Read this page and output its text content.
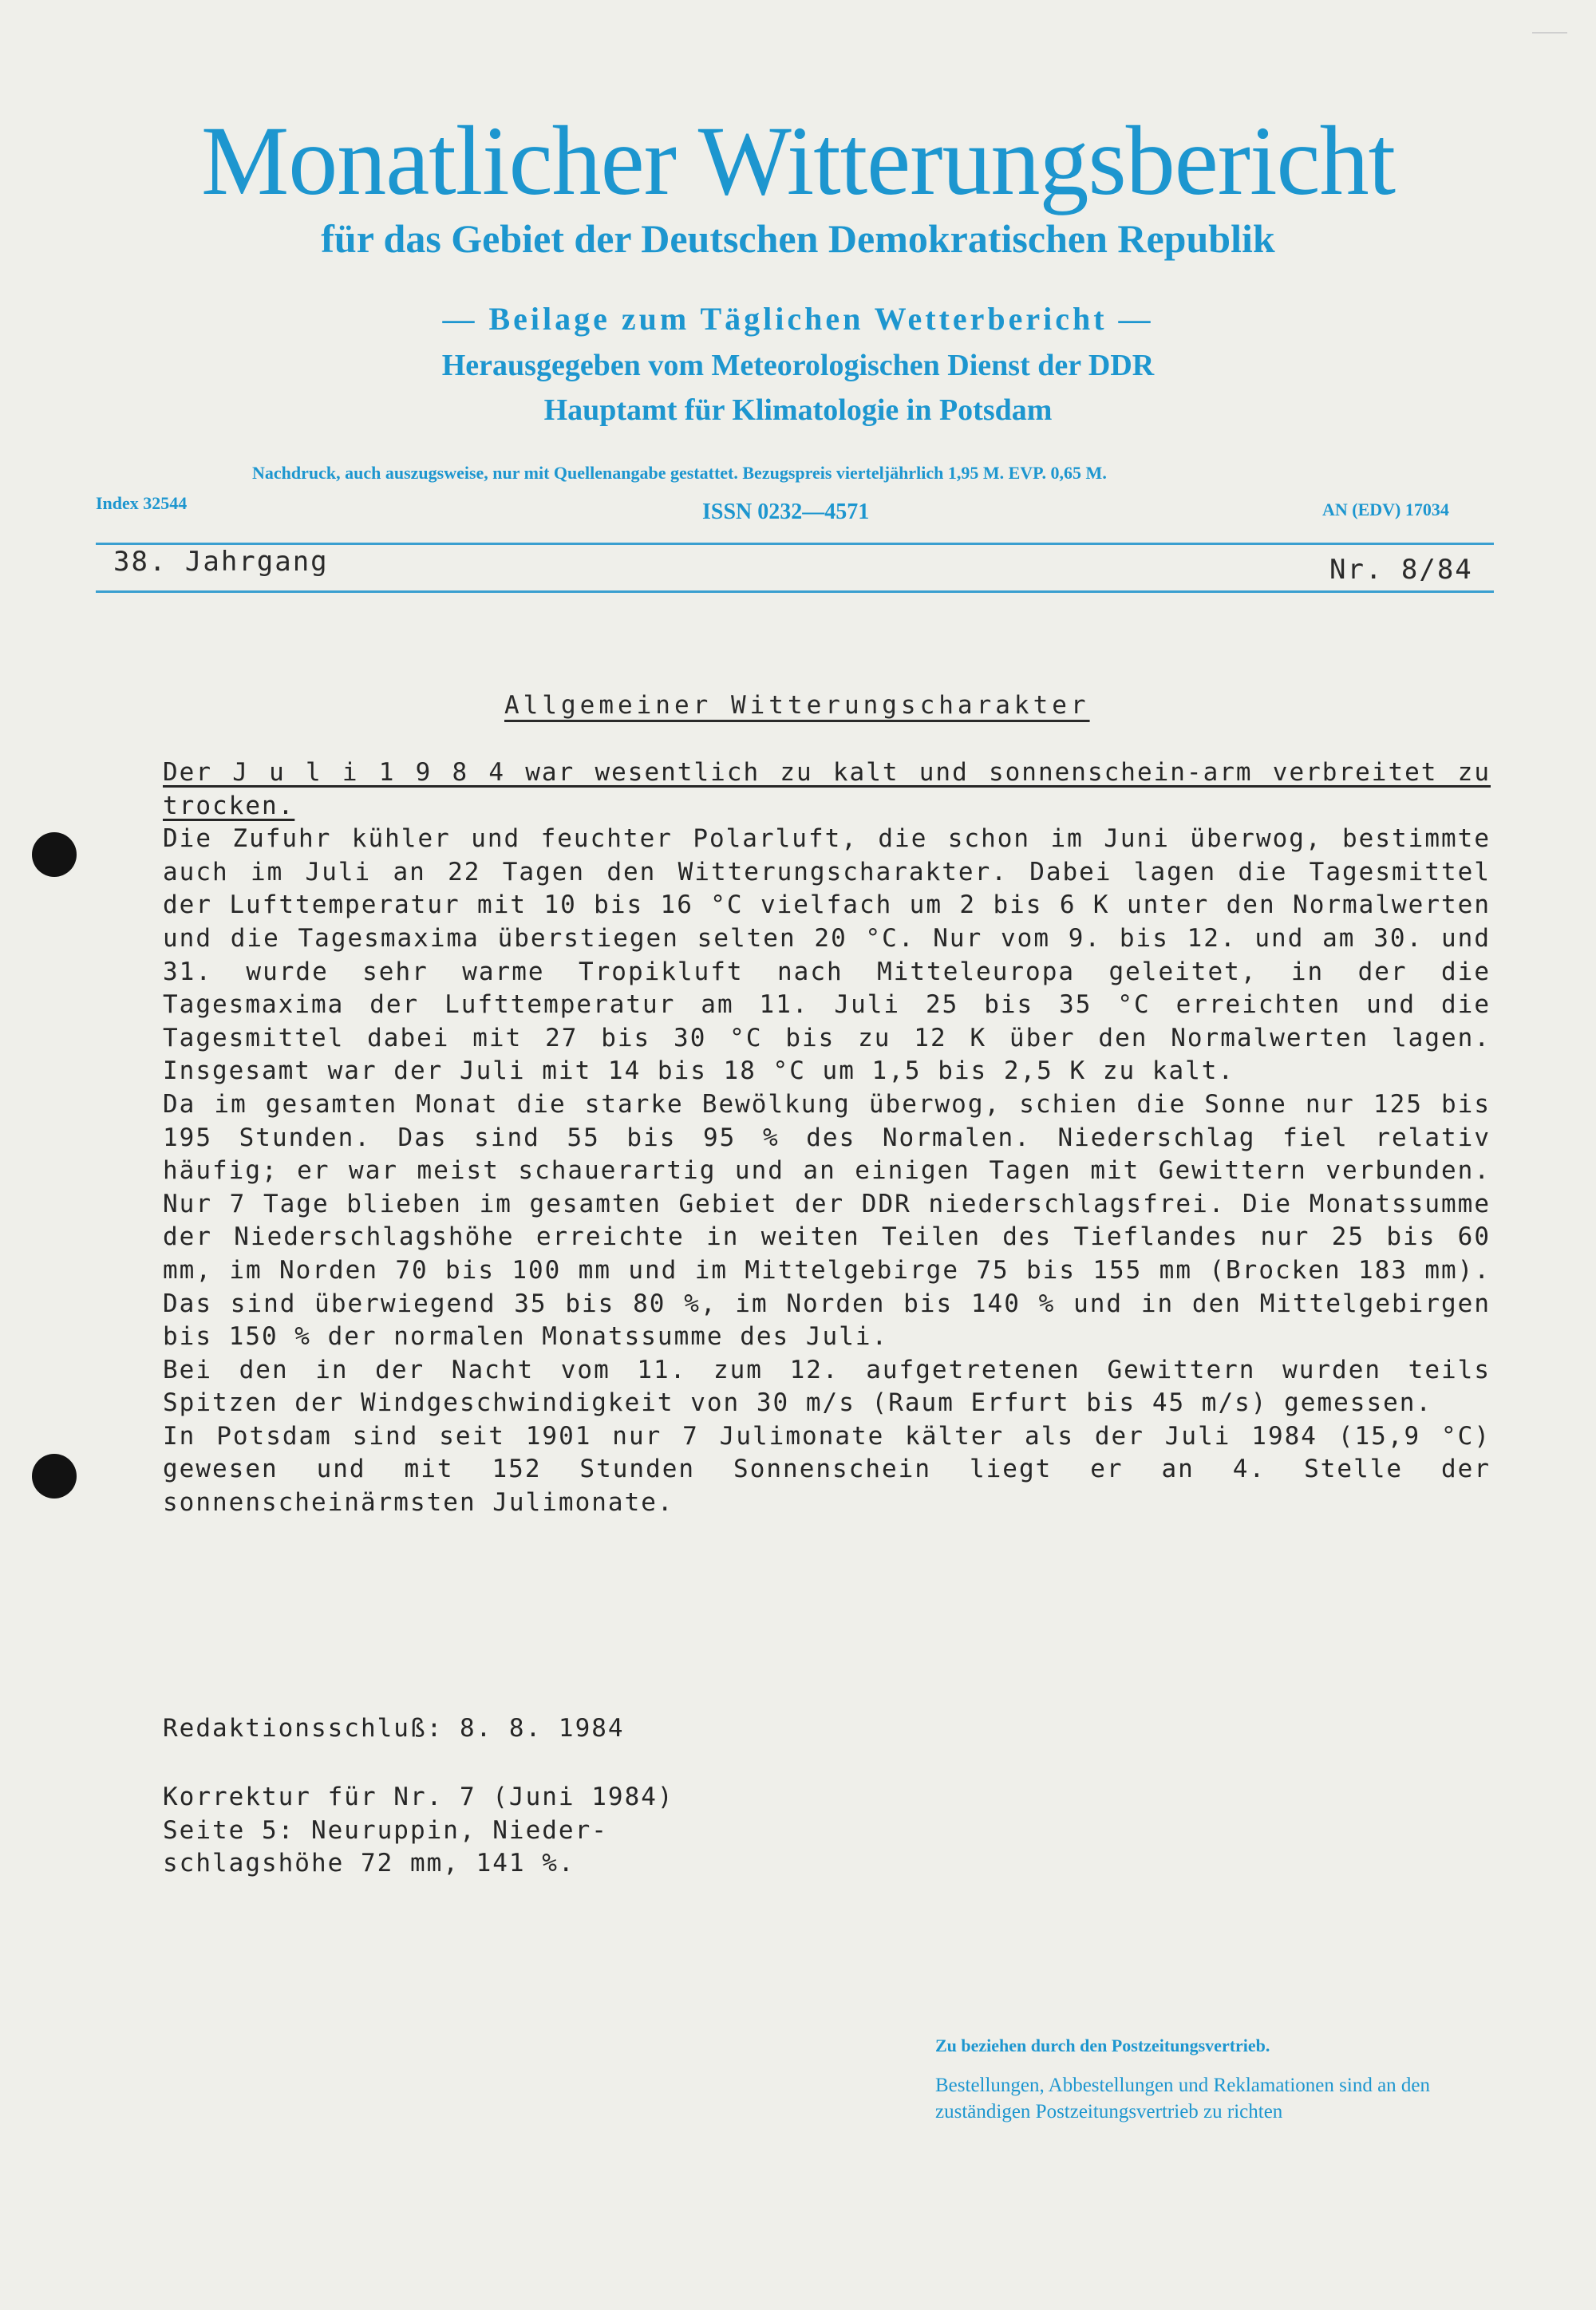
Monatlicher Witterungsbericht
für das Gebiet der Deutschen Demokratischen Republik
— Beilage zum Täglichen Wetterbericht —
Herausgegeben vom Meteorologischen Dienst der DDR
Hauptamt für Klimatologie in Potsdam
Nachdruck, auch auszugsweise, nur mit Quellenangabe gestattet. Bezugspreis vierteljährlich 1,95 M. EVP. 0,65 M.
Index 32544	ISSN 0232—4571	AN (EDV) 17034
38. Jahrgang	Nr. 8/84
Allgemeiner Witterungscharakter

Der J u l i 1 9 8 4 war wesentlich zu kalt und sonnenschein-arm verbreitet zu trocken.

Die Zufuhr kühler und feuchter Polarluft, die schon im Juni überwog, bestimmte auch im Juli an 22 Tagen den Witterungscharakter. Dabei lagen die Tagesmittel der Lufttemperatur mit 10 bis 16 °C vielfach um 2 bis 6 K unter den Normalwerten und die Tagesmaxima überstiegen selten 20 °C. Nur vom 9. bis 12. und am 30. und 31. wurde sehr warme Tropikluft nach Mitteleuropa geleitet, in der die Tagesmaxima der Lufttemperatur am 11. Juli 25 bis 35 °C erreichten und die Tagesmittel dabei mit 27 bis 30 °C bis zu 12 K über den Normalwerten lagen. Insgesamt war der Juli mit 14 bis 18 °C um 1,5 bis 2,5 K zu kalt.

Da im gesamten Monat die starke Bewölkung überwog, schien die Sonne nur 125 bis 195 Stunden. Das sind 55 bis 95 % des Normalen. Niederschlag fiel relativ häufig; er war meist schauerartig und an einigen Tagen mit Gewittern verbunden. Nur 7 Tage blieben im gesamten Gebiet der DDR niederschlagsfrei. Die Monatssumme der Niederschlagshöhe erreichte in weiten Teilen des Tieflandes nur 25 bis 60 mm, im Norden 70 bis 100 mm und im Mittelgebirge 75 bis 155 mm (Brocken 183 mm). Das sind überwiegend 35 bis 80 %, im Norden bis 140 % und in den Mittelgebirgen bis 150 % der normalen Monatssumme des Juli.

Bei den in der Nacht vom 11. zum 12. aufgetretenen Gewittern wurden teils Spitzen der Windgeschwindigkeit von 30 m/s (Raum Erfurt bis 45 m/s) gemessen.

In Potsdam sind seit 1901 nur 7 Julimonate kälter als der Juli 1984 (15,9 °C) gewesen und mit 152 Stunden Sonnenschein liegt er an 4. Stelle der sonnenscheinärmsten Julimonate.

Redaktionsschluß: 8. 8. 1984
Korrektur für Nr. 7 (Juni 1984)
Seite 5: Neuruppin, Nieder-
schlagshöhe 72 mm, 141 %.
Zu beziehen durch den Postzeitungsvertrieb.
Bestellungen, Abbestellungen und Reklamationen sind an den zuständigen Postzeitungsvertrieb zu richten
